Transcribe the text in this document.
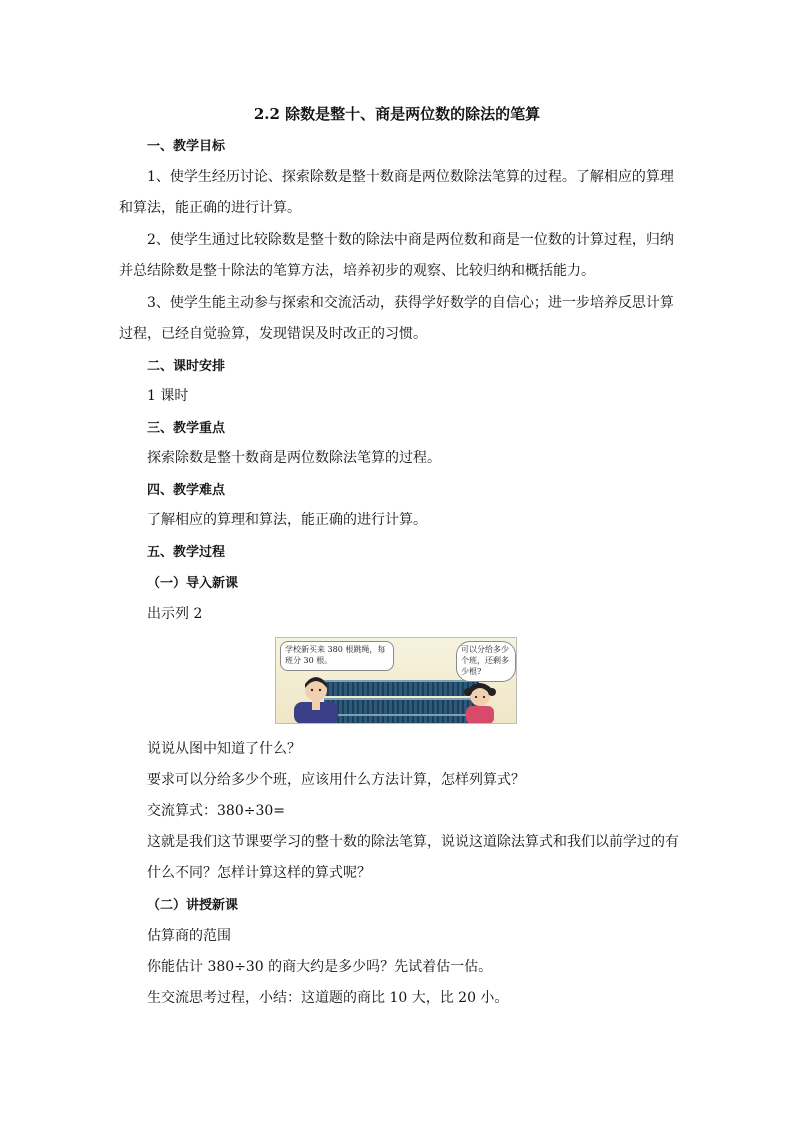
2.2 除数是整十、商是两位数的除法的笔算
一、教学目标
1、使学生经历讨论、探索除数是整十数商是两位数除法笔算的过程。了解相应的算理
和算法，能正确的进行计算。
2、使学生通过比较除数是整十数的除法中商是两位数和商是一位数的计算过程，归纳
并总结除数是整十除法的笔算方法，培养初步的观察、比较归纳和概括能力。
3、使学生能主动参与探索和交流活动，获得学好数学的自信心；进一步培养反思计算
过程，已经自觉验算，发现错误及时改正的习惯。
二、课时安排
1 课时
三、教学重点
探索除数是整十数商是两位数除法笔算的过程。
四、教学难点
了解相应的算理和算法，能正确的进行计算。
五、教学过程
（一）导入新课
出示列 2
学校新买来 380 根跳绳，每班分 30 根。
可以分给多少个班，还剩多少根?
说说从图中知道了什么？
要求可以分给多少个班，应该用什么方法计算，怎样列算式？
交流算式：380÷30=
这就是我们这节课要学习的整十数的除法笔算，说说这道除法算式和我们以前学过的有
什么不同？怎样计算这样的算式呢？
（二）讲授新课
估算商的范围
你能估计 380÷30 的商大约是多少吗？先试着估一估。
生交流思考过程，小结：这道题的商比 10 大，比 20 小。
